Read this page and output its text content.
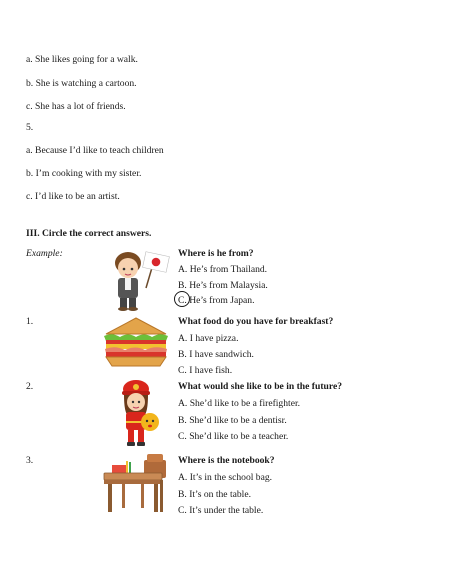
a. She likes going for a walk.
b. She is watching a cartoon.
c. She has a lot of friends.
5.
a. Because I’d like to teach children
b. I’m cooking with my sister.
c. I’d like to be an artist.
III. Circle the correct answers.
Example:	Where is he from?
A. He’s from Thailand.
B. He’s from Malaysia.
C. He’s from Japan.
1.	What food do you have for breakfast?
A. I have pizza.
B. I have sandwich.
C. I have fish.
2.	What would she like to be in the future?
A. She’d like to be a firefighter.
B. She’d like to be a dentisr.
C. She’d like to be a teacher.
3.	Where is the notebook?
A. It’s in the school bag.
B. It’s on the table.
C. It’s under the table.
